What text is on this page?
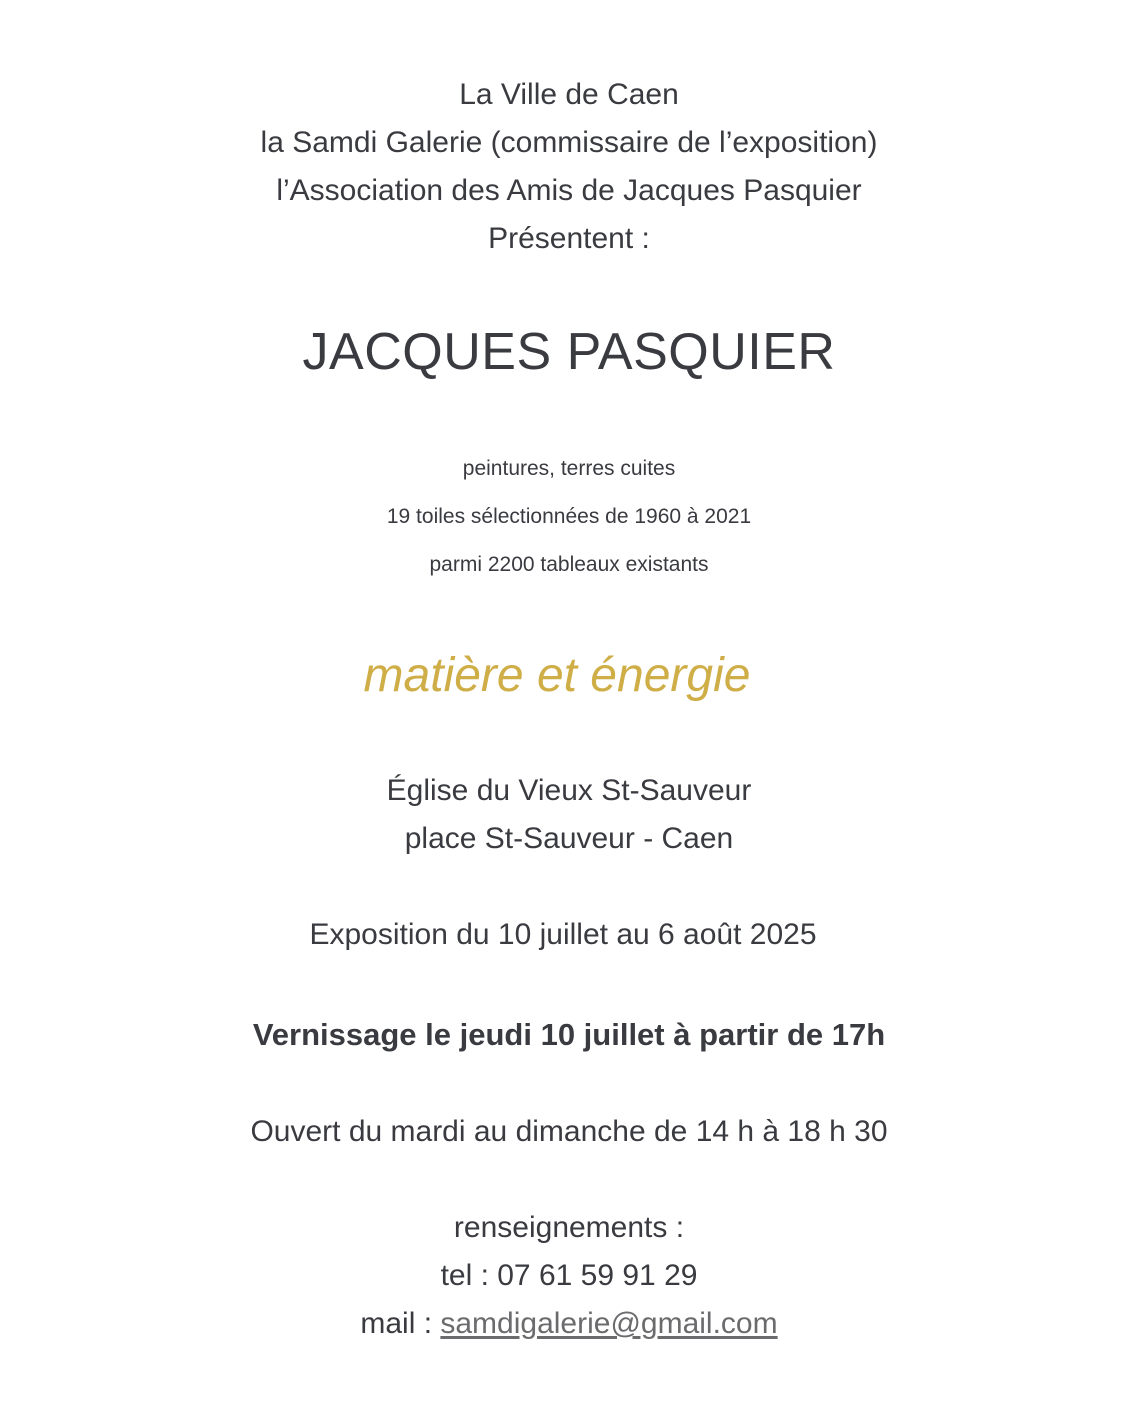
La Ville de Caen
la Samdi Galerie (commissaire de l’exposition)
l’Association des Amis de Jacques Pasquier
Présentent :
JACQUES PASQUIER
peintures, terres cuites
19 toiles sélectionnées de 1960 à 2021
parmi 2200 tableaux existants
matière et énergie
Église du Vieux St-Sauveur
place St-Sauveur - Caen
Exposition du 10 juillet au 6 août 2025
Vernissage le jeudi 10 juillet à partir de 17h
Ouvert du mardi au dimanche de 14 h à 18 h 30
renseignements :
tel : 07 61 59 91 29
mail : samdigalerie@gmail.com
